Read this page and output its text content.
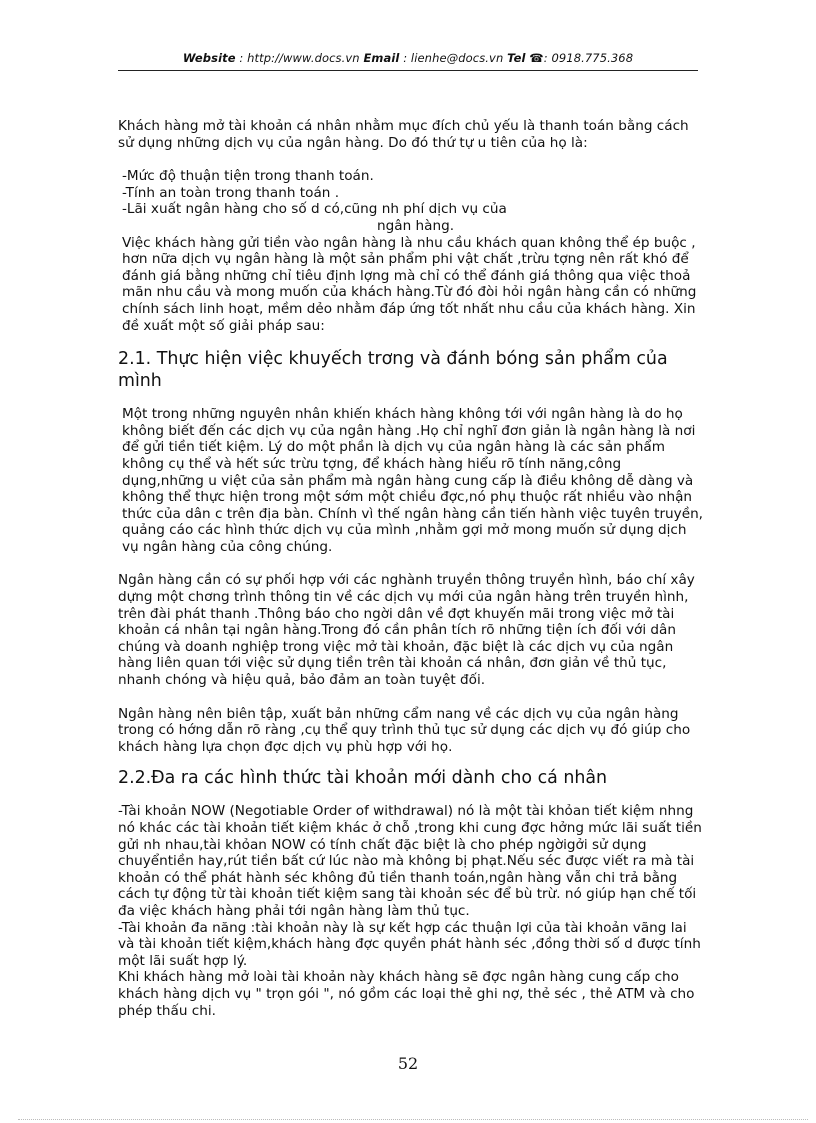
Website : http://www.docs.vn Email : lienhe@docs.vn Tel ☎: 0918.775.368

Khách hàng mở tài khoản cá nhân nhằm mục đích chủ yếu là thanh toán bằng cách sử dụng những dịch vụ của ngân hàng. Do đó thứ tự u tiên của họ là:

-Mức độ thuận tiện trong thanh toán.

-Tính an toàn trong thanh toán .

-Lãi xuất ngân hàng cho số d có,cũng nh phí dịch vụ của

ngân hàng.

Việc khách hàng gửi tiền vào ngân hàng là nhu cầu khách quan không thể ép buộc , hơn nữa dịch vụ ngân hàng là một sản phẩm phi vật chất ,trừu tợng nên rất khó để đánh giá bằng những chỉ tiêu định lợng mà chỉ có thể đánh giá thông qua việc thoả mãn nhu cầu và mong muốn của khách hàng.Từ đó đòi hỏi ngân hàng cần có những chính sách linh hoạt, mềm dẻo nhằm đáp ứng tốt nhất nhu cầu của khách hàng. Xin đề xuất một số giải pháp sau:

2.1. Thực hiện việc khuyếch trơng và đánh bóng sản phẩm của mình

Một trong những nguyên nhân khiến khách hàng không tới với ngân hàng là do họ không biết đến các dịch vụ của ngân hàng .Họ chỉ nghĩ đơn giản là ngân hàng là nơi để gửi tiền tiết kiệm. Lý do một phần là dịch vụ của ngân hàng là các sản phẩm không cụ thể và hết sức trừu tợng, để khách hàng hiểu rõ tính năng,công dụng,những u việt của sản phẩm mà ngân hàng cung cấp là điều không dễ dàng và không thể thực hiện trong một sớm một chiều đợc,nó phụ thuộc rất nhiều vào nhận thức của dân c trên địa bàn. Chính vì thế ngân hàng cần tiến hành việc tuyên truyền, quảng cáo các hình thức dịch vụ của mình ,nhằm gợi mở mong muốn sử dụng dịch vụ ngân hàng của công chúng.

Ngân hàng cần có sự phối hợp với các nghành truyền thông truyền hình, báo chí xây dựng một chơng trình thông tin về các dịch vụ mới của ngân hàng trên truyền hình, trên đài phát thanh .Thông báo cho ngời dân về đợt khuyến mãi trong việc mở tài khoản cá nhân tại ngân hàng.Trong đó cần phân tích rõ những tiện ích đối với dân chúng và doanh nghiệp trong việc mở tài khoản, đặc biệt là các dịch vụ của ngân hàng liên quan tới việc sử dụng tiền trên tài khoản cá nhân, đơn giản về thủ tục, nhanh chóng và hiệu quả, bảo đảm an toàn tuyệt đối.

Ngân hàng nên biên tập, xuất bản những cẩm nang về các dịch vụ của ngân hàng trong có hớng dẫn rõ ràng ,cụ thể quy trình thủ tục sử dụng các dịch vụ đó giúp cho khách hàng lựa chọn đợc dịch vụ phù hợp với họ.

2.2.Đa ra các hình thức tài khoản mới dành cho cá nhân

-Tài khoản NOW (Negotiable Order of withdrawal) nó là một tài khỏan tiết kiệm nhng nó khác các tài khoản tiết kiệm khác ở chỗ ,trong khi cung đợc hởng mức lãi suất tiền gửi nh nhau,tài khỏan NOW có tính chất đặc biệt là cho phép ngờigởi sử dụng chuyểntiền hay,rút tiền bất cứ lúc nào mà không bị phạt.Nếu séc được viết ra mà tài khoản có thể phát hành séc không đủ tiền thanh toán,ngân hàng vẫn chi trả bằng cách tự động từ tài khoản tiết kiệm sang tài khoản séc để bù trừ. nó giúp hạn chế tối đa việc khách hàng phải tới ngân hàng làm thủ tục.

-Tài khoản đa năng :tài khoản này là sự kết hợp các thuận lợi của tài khoản vãng lai và tài khoản tiết kiệm,khách hàng đợc quyền phát hành séc ,đồng thời số d được tính một lãi suất hợp lý.

Khi khách hàng mở loài tài khoản này khách hàng sẽ đợc ngân hàng cung cấp cho khách hàng dịch vụ " trọn gói ", nó gồm các loại thẻ ghi nợ, thẻ séc , thẻ ATM và cho phép thấu chi.

52
